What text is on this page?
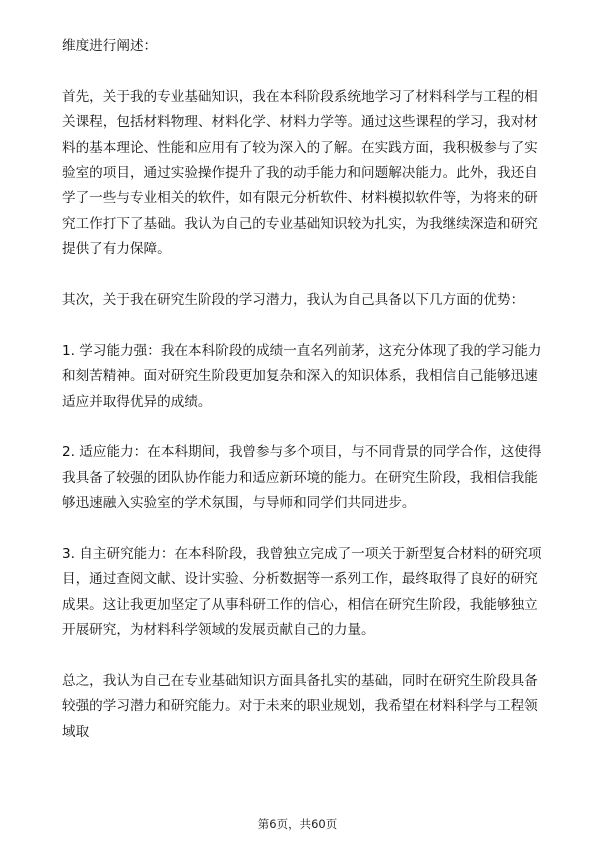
维度进行阐述：

首先，关于我的专业基础知识，我在本科阶段系统地学习了材料科学与工程的相关课程，包括材料物理、材料化学、材料力学等。通过这些课程的学习，我对材料的基本理论、性能和应用有了较为深入的了解。在实践方面，我积极参与了实验室的项目，通过实验操作提升了我的动手能力和问题解决能力。此外，我还自学了一些与专业相关的软件，如有限元分析软件、材料模拟软件等，为将来的研究工作打下了基础。我认为自己的专业基础知识较为扎实，为我继续深造和研究提供了有力保障。

其次，关于我在研究生阶段的学习潜力，我认为自己具备以下几方面的优势：

1. 学习能力强：我在本科阶段的成绩一直名列前茅，这充分体现了我的学习能力和刻苦精神。面对研究生阶段更加复杂和深入的知识体系，我相信自己能够迅速适应并取得优异的成绩。

2. 适应能力：在本科期间，我曾参与多个项目，与不同背景的同学合作，这使得我具备了较强的团队协作能力和适应新环境的能力。在研究生阶段，我相信我能够迅速融入实验室的学术氛围，与导师和同学们共同进步。

3. 自主研究能力：在本科阶段，我曾独立完成了一项关于新型复合材料的研究项目，通过查阅文献、设计实验、分析数据等一系列工作，最终取得了良好的研究成果。这让我更加坚定了从事科研工作的信心，相信在研究生阶段，我能够独立开展研究，为材料科学领域的发展贡献自己的力量。

总之，我认为自己在专业基础知识方面具备扎实的基础，同时在研究生阶段具备较强的学习潜力和研究能力。对于未来的职业规划，我希望在材料科学与工程领域取

第6页，共60页
